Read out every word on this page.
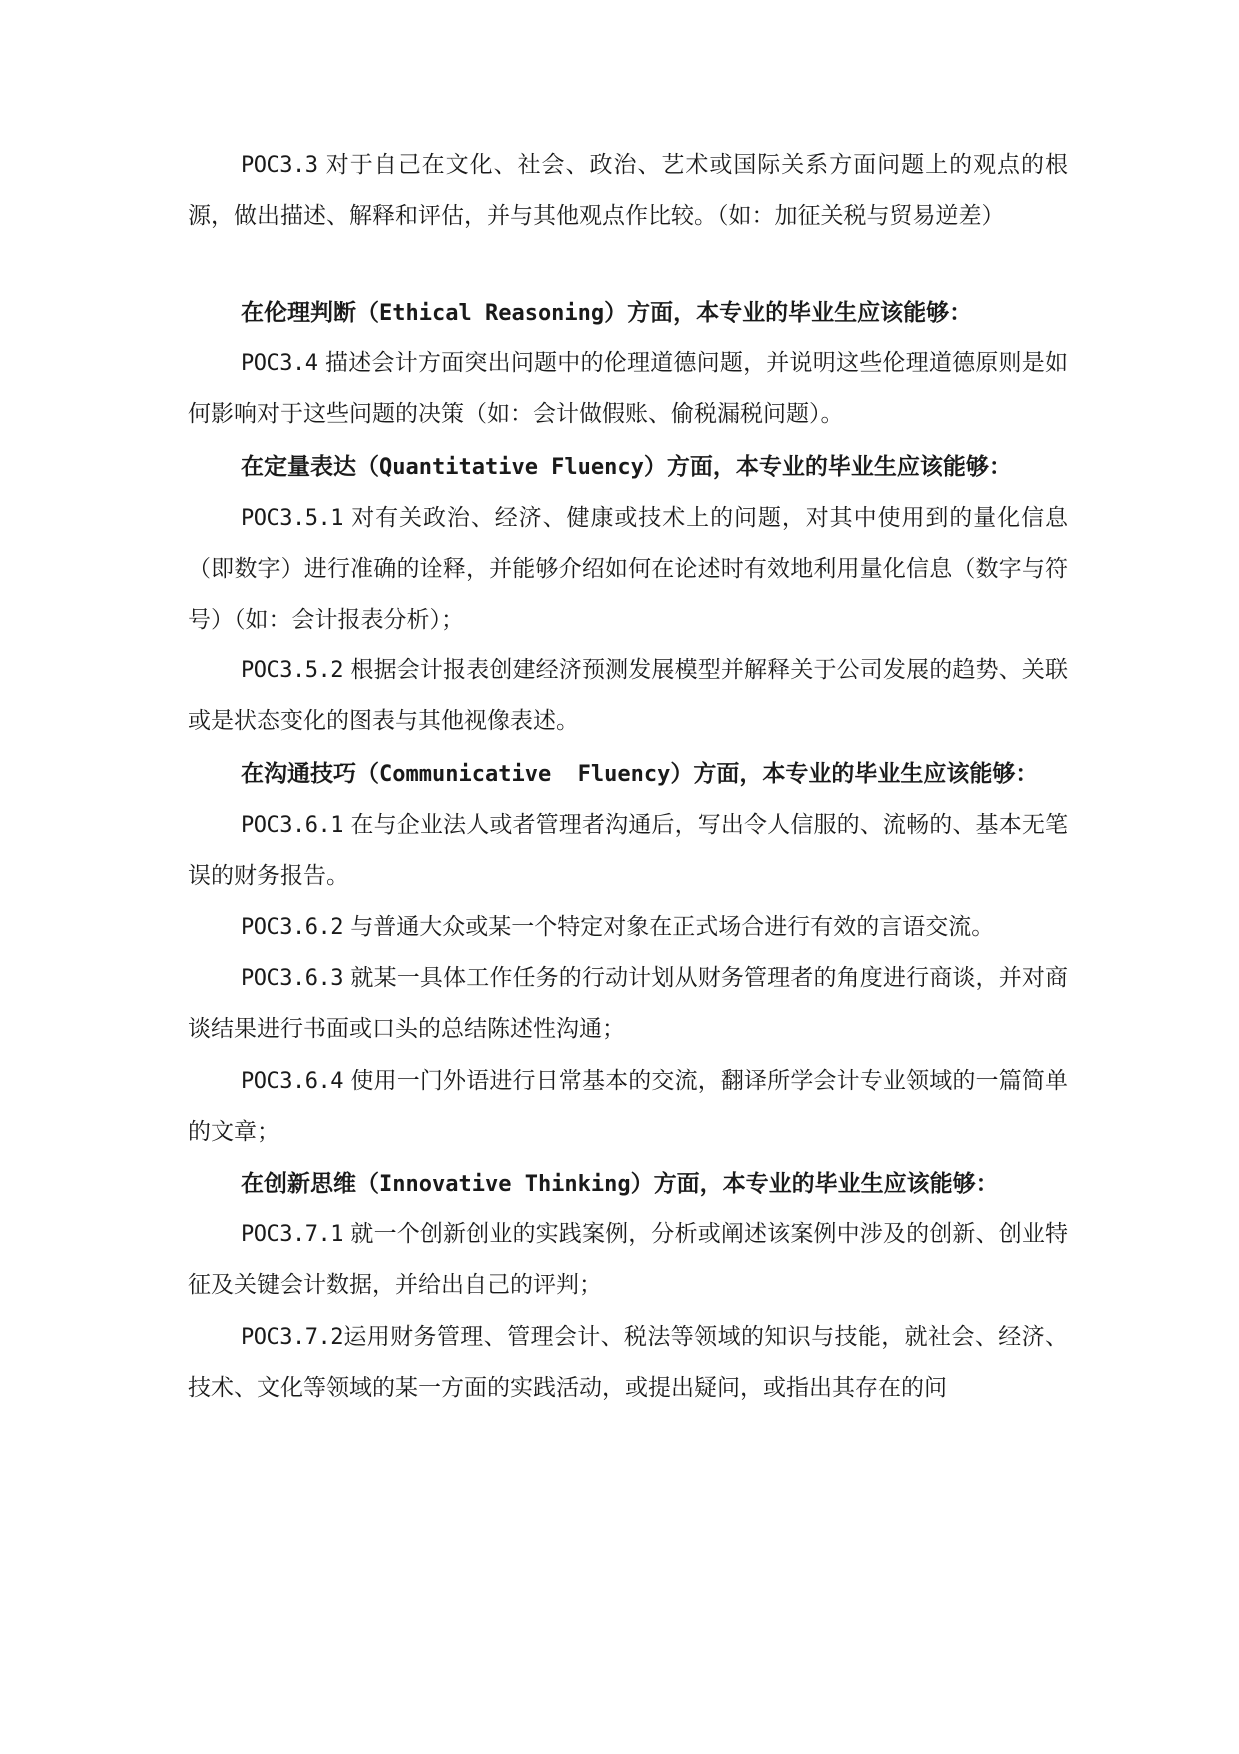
POC3.3 对于自己在文化、社会、政治、艺术或国际关系方面问题上的观点的根源，做出描述、解释和评估，并与其他观点作比较。（如：加征关税与贸易逆差）

在伦理判断（Ethical Reasoning）方面，本专业的毕业生应该能够：

POC3.4 描述会计方面突出问题中的伦理道德问题，并说明这些伦理道德原则是如何影响对于这些问题的决策（如：会计做假账、偷税漏税问题）。

在定量表达（Quantitative Fluency）方面，本专业的毕业生应该能够：

POC3.5.1 对有关政治、经济、健康或技术上的问题，对其中使用到的量化信息（即数字）进行准确的诠释，并能够介绍如何在论述时有效地利用量化信息（数字与符号）（如：会计报表分析）；

POC3.5.2 根据会计报表创建经济预测发展模型并解释关于公司发展的趋势、关联或是状态变化的图表与其他视像表述。

在沟通技巧（Communicative  Fluency）方面，本专业的毕业生应该能够：

POC3.6.1 在与企业法人或者管理者沟通后，写出令人信服的、流畅的、基本无笔误的财务报告。

POC3.6.2 与普通大众或某一个特定对象在正式场合进行有效的言语交流。

POC3.6.3 就某一具体工作任务的行动计划从财务管理者的角度进行商谈，并对商谈结果进行书面或口头的总结陈述性沟通；

POC3.6.4 使用一门外语进行日常基本的交流，翻译所学会计专业领域的一篇简单的文章；

在创新思维（Innovative Thinking）方面，本专业的毕业生应该能够：

POC3.7.1 就一个创新创业的实践案例，分析或阐述该案例中涉及的创新、创业特征及关键会计数据，并给出自己的评判；

POC3.7.2运用财务管理、管理会计、税法等领域的知识与技能，就社会、经济、技术、文化等领域的某一方面的实践活动，或提出疑问，或指出其存在的问
